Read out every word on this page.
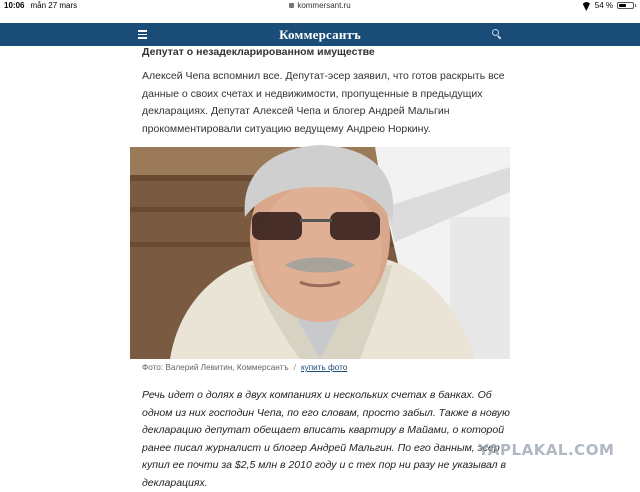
10:06 mån 27 mars	kommersant.ru	54 %
Коммерсантъ
Депутат о незадекларированном имуществе

Алексей Чепа вспомнил все. Депутат-эсер заявил, что готов раскрыть все данные о своих счетах и недвижимости, пропущенные в предыдущих декларациях. Депутат Алексей Чепа и блогер Андрей Мальгин прокомментировали ситуацию ведущему Андрею Норкину.

Фото: Валерий Левитин, Коммерсантъ / купить фото

Речь идет о долях в двух компаниях и нескольких счетах в банках. Об одном из них господин Чепа, по его словам, просто забыл. Также в новую декларацию депутат обещает вписать квартиру в Майами, о которой ранее писал журналист и блогер Андрей Мальгин. По его данным, эсер купил ее почти за $2,5 млн в 2010 году и с тех пор ни разу не указывал в декларациях.

YAPLAKAL.COM
